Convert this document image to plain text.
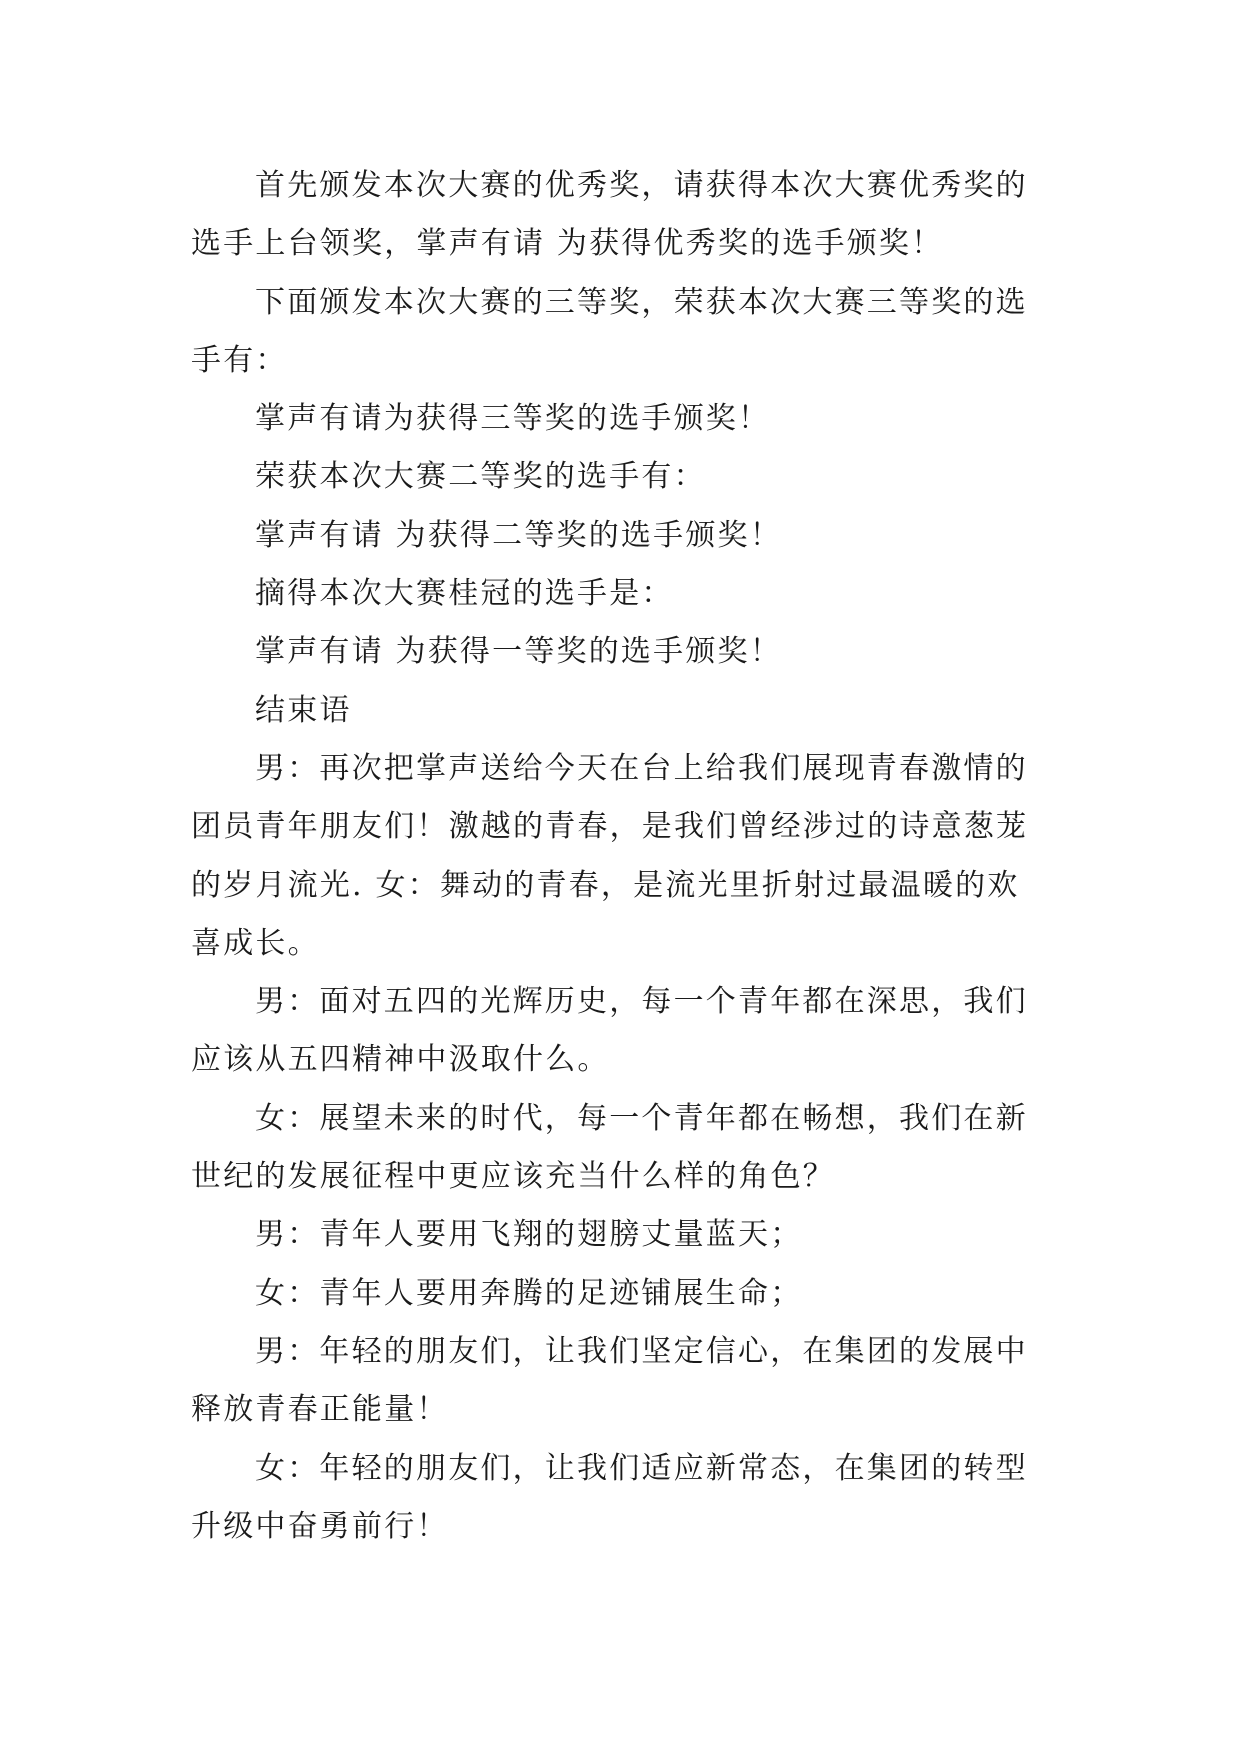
首先颁发本次大赛的优秀奖，请获得本次大赛优秀奖的选手上台领奖，掌声有请 为获得优秀奖的选手颁奖！

下面颁发本次大赛的三等奖，荣获本次大赛三等奖的选手有：

掌声有请为获得三等奖的选手颁奖！

荣获本次大赛二等奖的选手有：

掌声有请 为获得二等奖的选手颁奖！

摘得本次大赛桂冠的选手是：

掌声有请 为获得一等奖的选手颁奖！

结束语

男：再次把掌声送给今天在台上给我们展现青春激情的团员青年朋友们！激越的青春，是我们曾经涉过的诗意葱茏的岁月流光. 女：舞动的青春，是流光里折射过最温暖的欢喜成长。

男：面对五四的光辉历史，每一个青年都在深思，我们应该从五四精神中汲取什么。

女：展望未来的时代，每一个青年都在畅想，我们在新世纪的发展征程中更应该充当什么样的角色？

男：青年人要用飞翔的翅膀丈量蓝天；

女：青年人要用奔腾的足迹铺展生命；

男：年轻的朋友们，让我们坚定信心，在集团的发展中释放青春正能量！

女：年轻的朋友们，让我们适应新常态，在集团的转型升级中奋勇前行！
